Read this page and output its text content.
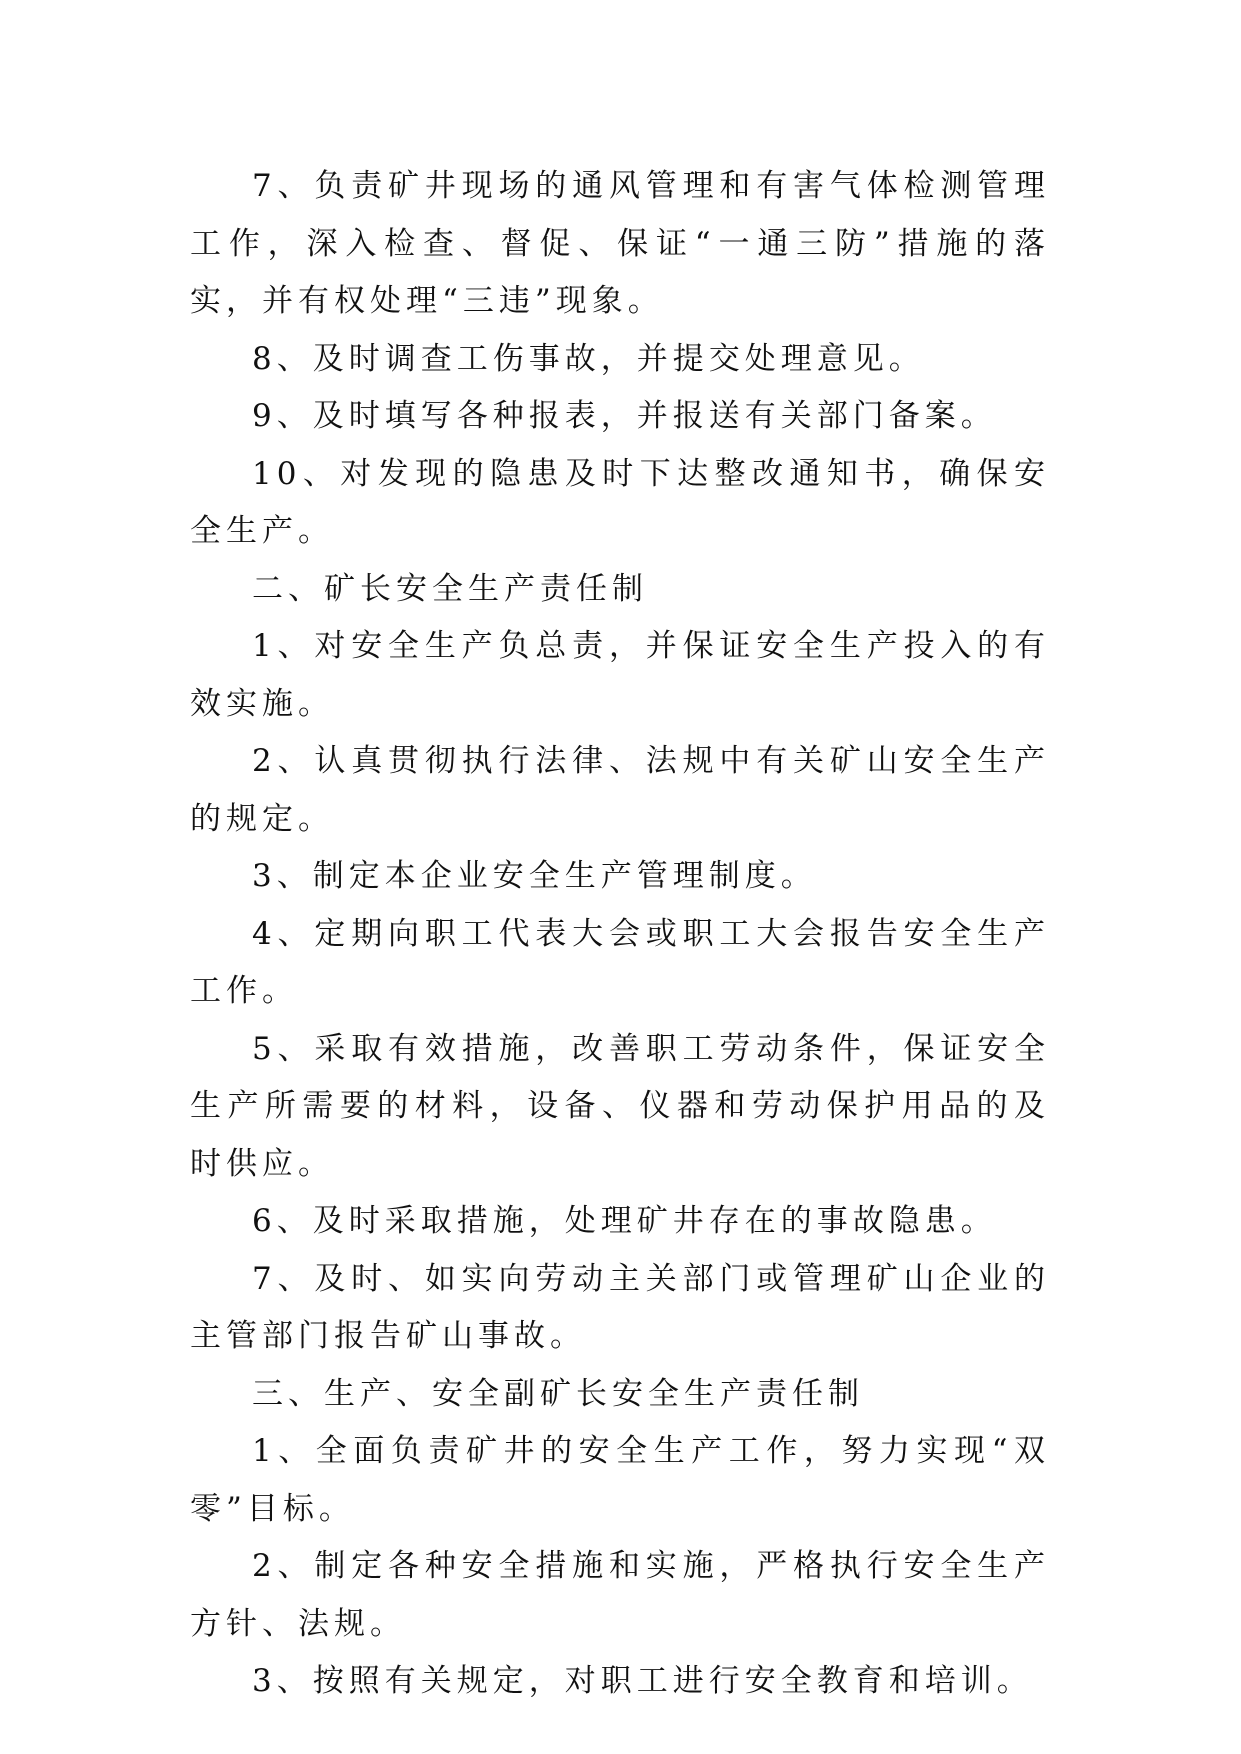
7、负责矿井现场的通风管理和有害气体检测管理工作，深入检查、督促、保证“一通三防”措施的落实，并有权处理“三违”现象。

8、及时调查工伤事故，并提交处理意见。

9、及时填写各种报表，并报送有关部门备案。

10、对发现的隐患及时下达整改通知书，确保安全生产。

二、矿长安全生产责任制

1、对安全生产负总责，并保证安全生产投入的有效实施。

2、认真贯彻执行法律、法规中有关矿山安全生产的规定。

3、制定本企业安全生产管理制度。

4、定期向职工代表大会或职工大会报告安全生产工作。

5、采取有效措施，改善职工劳动条件，保证安全生产所需要的材料，设备、仪器和劳动保护用品的及时供应。

6、及时采取措施，处理矿井存在的事故隐患。

7、及时、如实向劳动主关部门或管理矿山企业的主管部门报告矿山事故。

三、生产、安全副矿长安全生产责任制

1、全面负责矿井的安全生产工作，努力实现“双零”目标。

2、制定各种安全措施和实施，严格执行安全生产方针、法规。

3、按照有关规定，对职工进行安全教育和培训。
